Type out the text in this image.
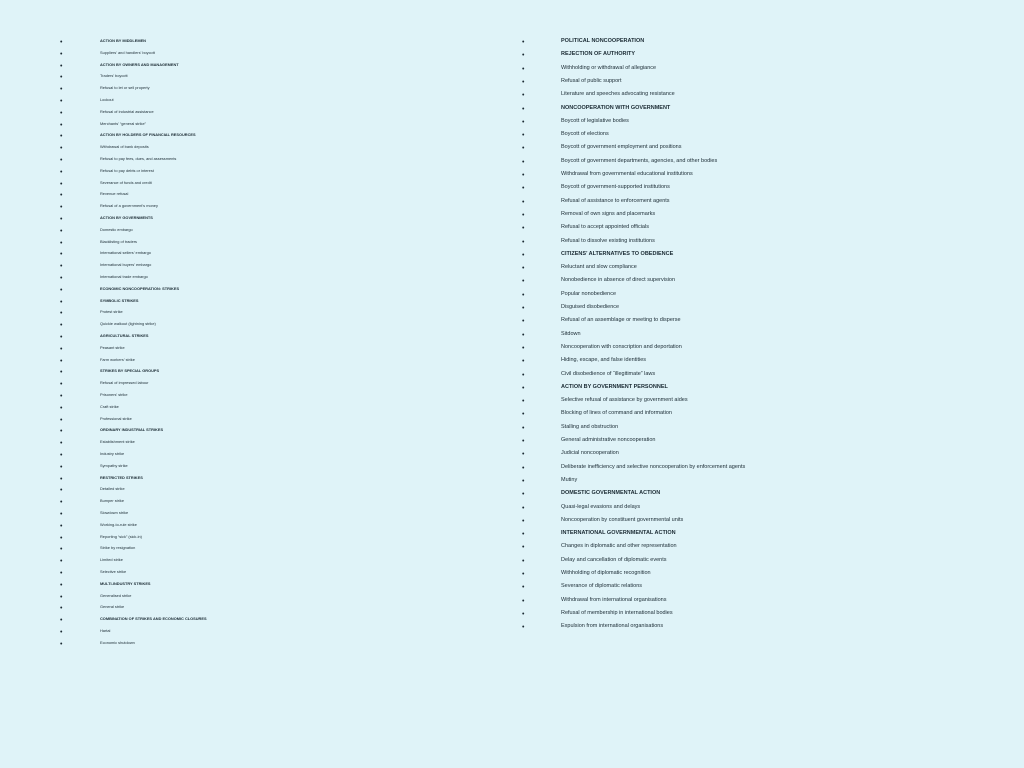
•	ACTION BY MIDDLEMEN
•	Suppliers’ and handlers’ boycott
•	ACTION BY OWNERS AND MANAGEMENT
•	Traders’ boycott
•	Refusal to let or sell property
•	Lockout
•	Refusal of industrial assistance
•	Merchants’ “general strike”
•	ACTION BY HOLDERS OF FINANCIAL RESOURCES
•	Withdrawal of bank deposits
•	Refusal to pay fees, dues, and assessments
•	Refusal to pay debts or interest
•	Severance of funds and credit
•	Revenue refusal
•	Refusal of a government’s money
•	ACTION BY GOVERNMENTS
•	Domestic embargo
•	Blacklisting of traders
•	International sellers’ embargo
•	International buyers’ embargo
•	International trade embargo
•	ECONOMIC NONCOOPERATION: STRIKES
•	SYMBOLIC STRIKES
•	Protest strike
•	Quickie walkout (lightning strike)
•	AGRICULTURAL STRIKES
•	Peasant strike
•	Farm workers’ strike
•	STRIKES BY SPECIAL GROUPS
•	Refusal of impressed labour
•	Prisoners’ strike
•	Craft strike
•	Professional strike
•	ORDINARY INDUSTRIAL STRIKES
•	Establishment strike
•	Industry strike
•	Sympathy strike
•	RESTRICTED STRIKES
•	Detailed strike
•	Bumper strike
•	Slowdown strike
•	Working-to-rule strike
•	Reporting “sick” (sick-in)
•	Strike by resignation
•	Limited strike
•	Selective strike
•	MULTI-INDUSTRY STRIKES
•	Generalised strike
•	General strike
•	COMBINATION OF STRIKES AND ECONOMIC CLOSURES
•	Hartal
•	Economic shutdown
•	POLITICAL NONCOOPERATION
•	REJECTION OF AUTHORITY
•	Withholding or withdrawal of allegiance
•	Refusal of public support
•	Literature and speeches advocating resistance
•	NONCOOPERATION WITH GOVERNMENT
•	Boycott of legislative bodies
•	Boycott of elections
•	Boycott of government employment and positions
•	Boycott of government departments, agencies, and other bodies
•	Withdrawal from governmental educational institutions
•	Boycott of government-supported institutions
•	Refusal of assistance to enforcement agents
•	Removal of own signs and placemarks
•	Refusal to accept appointed officials
•	Refusal to dissolve existing institutions
•	CITIZENS’ ALTERNATIVES TO OBEDIENCE
•	Reluctant and slow compliance
•	Nonobedience in absence of direct supervision
•	Popular nonobedience
•	Disguised disobedience
•	Refusal of an assemblage or meeting to disperse
•	Sitdown
•	Noncooperation with conscription and deportation
•	Hiding, escape, and false identities
•	Civil disobedience of “illegitimate” laws
•	ACTION BY GOVERNMENT PERSONNEL
•	Selective refusal of assistance by government aides
•	Blocking of lines of command and information
•	Stalling and obstruction
•	General administrative noncooperation
•	Judicial noncooperation
•	Deliberate inefficiency and selective noncooperation by enforcement agents
•	Mutiny
•	DOMESTIC GOVERNMENTAL ACTION
•	Quasi-legal evasions and delays
•	Noncooperation by constituent governmental units
•	INTERNATIONAL GOVERNMENTAL ACTION
•	Changes in diplomatic and other representation
•	Delay and cancellation of diplomatic events
•	Withholding of diplomatic recognition
•	Severance of diplomatic relations
•	Withdrawal from international organisations
•	Refusal of membership in international bodies
•	Expulsion from international organisations
